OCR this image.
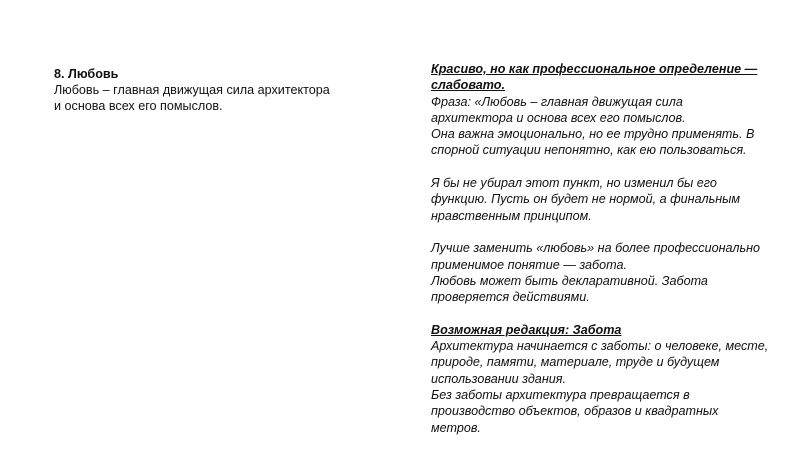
8. Любовь
Любовь – главная движущая сила архитектора
и основа всех его помыслов.

Красиво, но как профессиональное определение —

слабовато.

Фраза: «Любовь – главная движущая сила

архитектора и основа всех его помыслов.

Она важна эмоционально, но ее трудно применять. В

спорной ситуации непонятно, как ею пользоваться.

Я бы не убирал этот пункт, но изменил бы его

функцию. Пусть он будет не нормой, а финальным

нравственным принципом.

Лучше заменить «любовь» на более профессионально

применимое понятие — забота.

Любовь может быть декларативной. Забота

проверяется действиями.

Возможная редакция: Забота

Архитектура начинается с заботы: о человеке, месте,

природе, памяти, материале, труде и будущем

использовании здания.

Без заботы архитектура превращается в

производство объектов, образов и квадратных

метров.
